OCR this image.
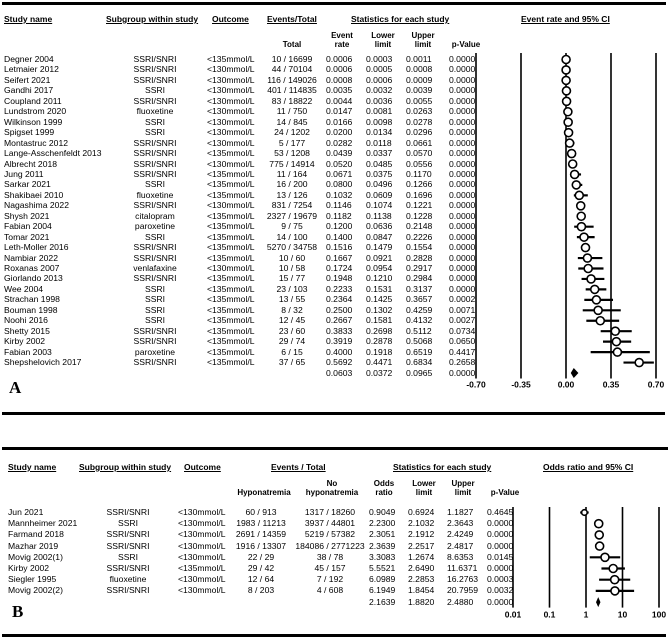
Study name	Subgroup within study Outcome Events/Total	Statistics for each study	Event rate and 95% CI
Total
Event rate
Lower limit
Upper limit	p-Value
Degner 2004	SSRI/SNRI	<135mmol/L	10 / 16699	0.0006 0.0003 0.0011 0.0000
Letmaier 2012	SSRI/SNRI	<130mmol/L	44 / 70104	0.0006 0.0005 0.0008 0.0000
Seifert 2021	SSRI/SNRI	<130mmol/L	116 / 149026	0.0008 0.0006 0.0009 0.0000
Gandhi 2017	SSRI	<130mmol/L	401 / 114835	0.0035 0.0032 0.0039 0.0000
Coupland 2011	SSRI/SNRI	<130mmol/L	83 / 18822	0.0044 0.0036 0.0055 0.0000
Lundstrom 2020	fluoxetine	<130mmol/L	11 / 750	0.0147 0.0081 0.0263 0.0000
Wilkinson 1999	SSRI	<130mmol/L	14 / 845	0.0166 0.0098 0.0278 0.0000
Spigset 1999	SSRI	<130mmol/L	24 / 1202	0.0200 0.0134 0.0296 0.0000
Montastruc 2012	SSRI/SNRI	<130mmol/L	5 / 177	0.0282 0.0118 0.0661 0.0000
Lange-Asschenfeldt 2013	SSRI/SNRI	<135mmol/L	53 / 1208	0.0439 0.0337 0.0570 0.0000
Albrecht 2018	SSRI/SNRI	<130mmol/L	775 / 14914	0.0520 0.0485 0.0556 0.0000
Jung 2011	SSRI/SNRI	<135mmol/L	11 / 164	0.0671 0.0375 0.1170 0.0000
Sarkar 2021	SSRI	<135mmol/L	16 / 200	0.0800 0.0496 0.1266 0.0000
Shakibaei 2010	fluoxetine	<135mmol/L	13 / 126	0.1032 0.0609 0.1696 0.0000
Nagashima 2022	SSRI/SNRI	<130mmol/L	831 / 7254	0.1146 0.1074 0.1221 0.0000
Shysh 2021	citalopram	<135mmol/L	2327 / 19679	0.1182 0.1138 0.1228 0.0000
Fabian 2004	paroxetine	<135mmol/L	9 / 75	0.1200 0.0636 0.2148 0.0000
Tomar 2021	SSRI	<135mmol/L	14 / 100	0.1400 0.0847 0.2226 0.0000
Leth-Moller 2016	SSRI/SNRI	<135mmol/L	5270 / 34758	0.1516 0.1479 0.1554 0.0000
Nambiar 2022	SSRI/SNRI	<135mmol/L	10 / 60	0.1667 0.0921 0.2828 0.0000
Roxanas 2007	venlafaxine	<130mmol/L	10 / 58	0.1724 0.0954 0.2917 0.0000
Giorlando 2013	SSRI/SNRI	<135mmol/L	15 / 77	0.1948 0.1210 0.2984 0.0000
Wee 2004	SSRI	<135mmol/L	23 / 103	0.2233 0.1531 0.3137 0.0000
Strachan 1998	SSRI	<135mmol/L	13 / 55	0.2364 0.1425 0.3657 0.0002
Bouman 1998	SSRI	<135mmol/L	8 / 32	0.2500 0.1302 0.4259 0.0071
Noohi 2016	SSRI	<135mmol/L	12 / 45	0.2667 0.1581 0.4132 0.0027
Shetty 2015	SSRI/SNRI	<135mmol/L	23 / 60	0.3833 0.2698 0.5112 0.0734
Kirby 2002	SSRI/SNRI	<135mmol/L	29 / 74	0.3919 0.2878 0.5068 0.0650
Fabian 2003	paroxetine	<135mmol/L	6 / 15	0.4000 0.1918 0.6519 0.4417
Shepshelovich 2017	SSRI/SNRI	<135mmol/L	37 / 65	0.5692 0.4471 0.6834 0.2658
0.0603 0.0372 0.0965 0.0000
-0.70	-0.35	0.00	0.35	0.70
A
Study name	Subgroup within study Outcome	Events / Total	Statistics for each study	Odds ratio and 95% CI
Hyponatremia
No hyponatremia
Odds ratio
Lower limit
Upper limit	p-Value
Jun 2021	SSRI/SNRI	<130mmol/L	60 / 913	1317 / 18260	0.9049 0.6924 1.1827 0.4645
Mannheimer 2021	SSRI	<130mmol/L	1983 / 11213	3937 / 44801	2.2300 2.1032 2.3643 0.0000
Farmand 2018	SSRI/SNRI	<130mmol/L	2691 / 14359	5219 / 57382	2.3051 2.1912 2.4249 0.0000
Mazhar 2019	SSRI/SNRI	<130mmol/L	1916 / 13307	184086 / 2771223 2.3639 2.2517 2.4817 0.0000
Movig 2002(1)	SSRI	<130mmol/L	22 / 29	38 / 78	3.3083 1.2674 8.6353 0.0145
Kirby 2002	SSRI/SNRI	<135mmol/L	29 / 42	45 / 157	5.5521 2.6490 11.6371 0.0000
Siegler 1995	fluoxetine	<130mmol/L	12 / 64	7 / 192	6.0989 2.2853 16.2763 0.0003
Movig 2002(2)	SSRI/SNRI	<130mmol/L	8 / 203	4 / 608	6.1949 1.8454 20.7959 0.0032
2.1639 1.8820 2.4880 0.0000
0.01	0.1	1	10	100
B
